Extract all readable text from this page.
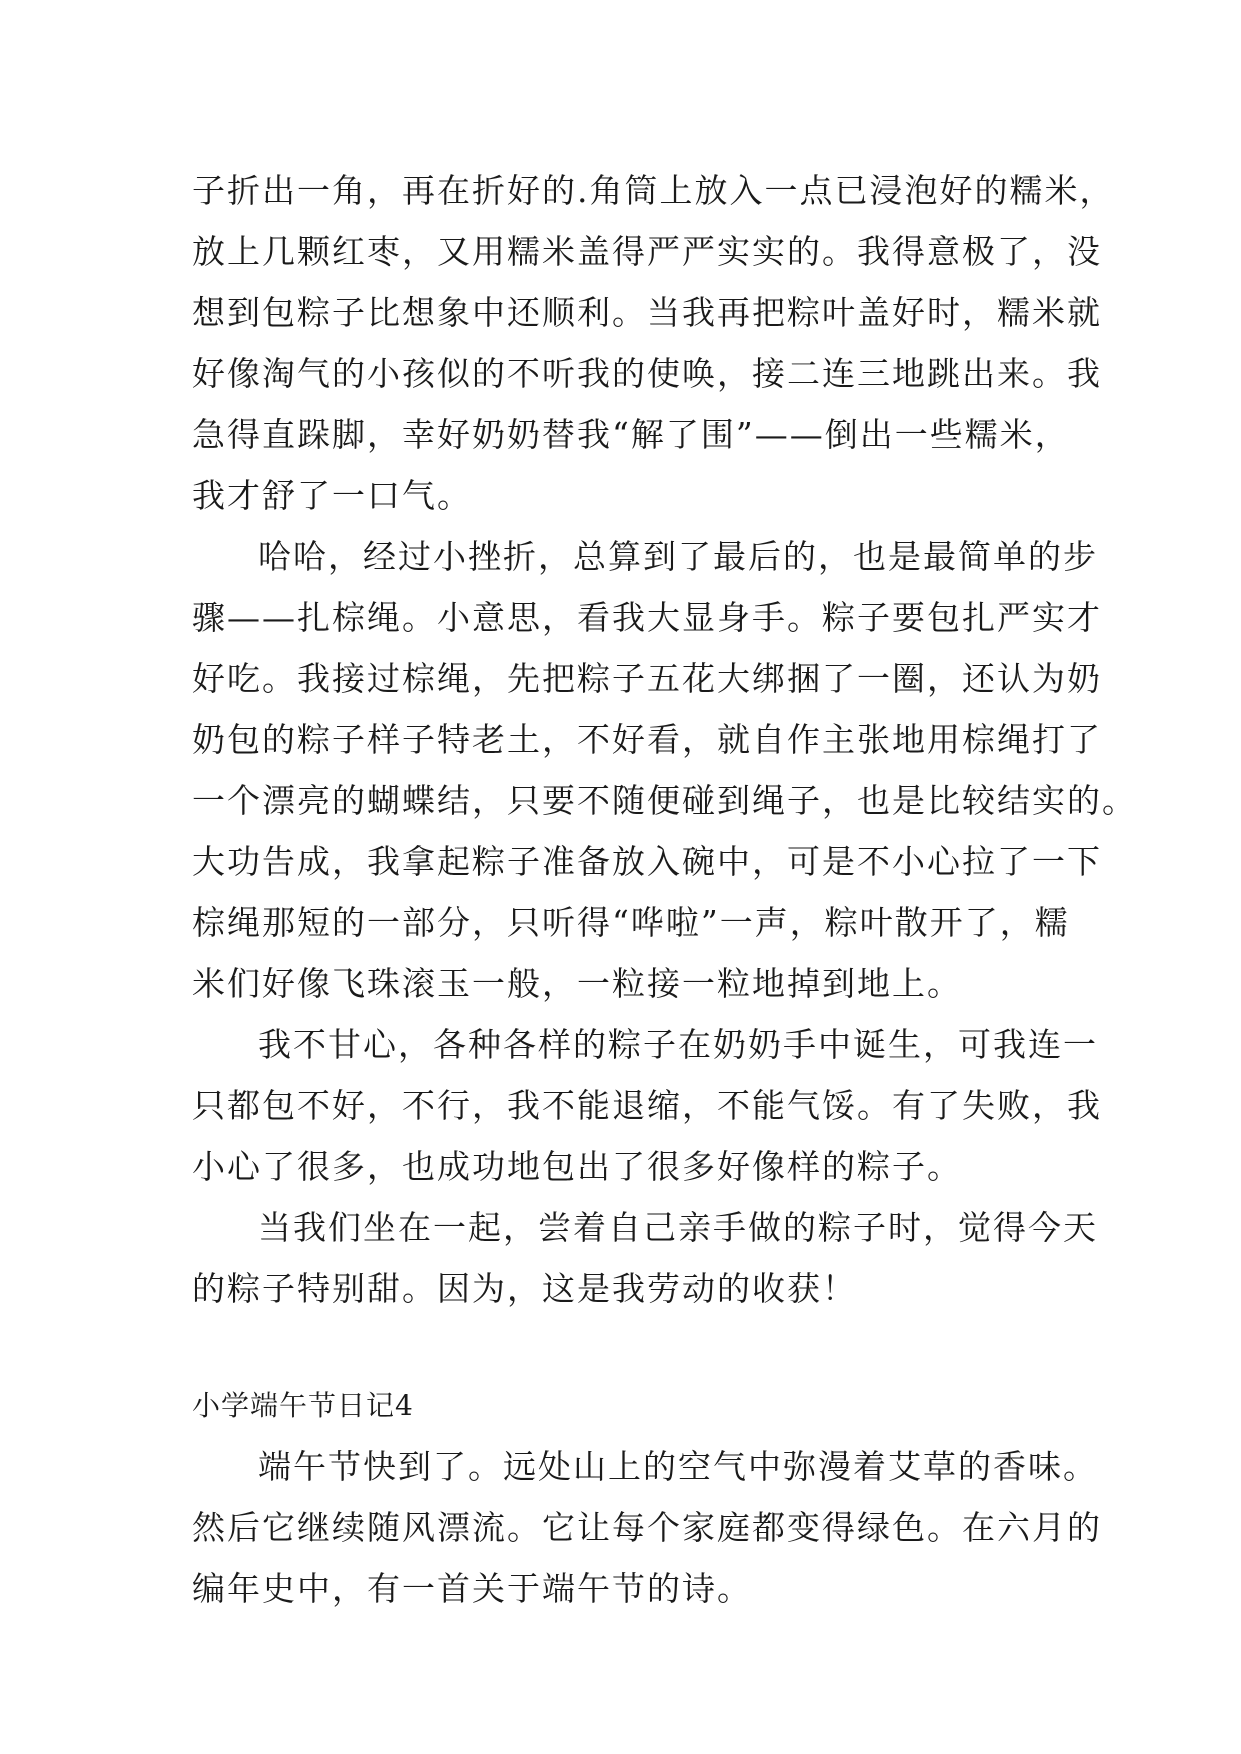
子折出一角，再在折好的.角筒上放入一点已浸泡好的糯米，
放上几颗红枣，又用糯米盖得严严实实的。我得意极了，没
想到包粽子比想象中还顺利。当我再把粽叶盖好时，糯米就
好像淘气的小孩似的不听我的使唤，接二连三地跳出来。我
急得直跺脚，幸好奶奶替我“解了围”——倒出一些糯米，
我才舒了一口气。
哈哈，经过小挫折，总算到了最后的，也是最简单的步
骤——扎棕绳。小意思，看我大显身手。粽子要包扎严实才
好吃。我接过棕绳，先把粽子五花大绑捆了一圈，还认为奶
奶包的粽子样子特老土，不好看，就自作主张地用棕绳打了
一个漂亮的蝴蝶结，只要不随便碰到绳子，也是比较结实的。
大功告成，我拿起粽子准备放入碗中，可是不小心拉了一下
棕绳那短的一部分，只听得“哗啦”一声，粽叶散开了，糯
米们好像飞珠滚玉一般，一粒接一粒地掉到地上。
我不甘心，各种各样的粽子在奶奶手中诞生，可我连一
只都包不好，不行，我不能退缩，不能气馁。有了失败，我
小心了很多，也成功地包出了很多好像样的粽子。
当我们坐在一起，尝着自己亲手做的粽子时，觉得今天
的粽子特别甜。因为，这是我劳动的收获！
小学端午节日记4
端午节快到了。远处山上的空气中弥漫着艾草的香味。
然后它继续随风漂流。它让每个家庭都变得绿色。在六月的
编年史中，有一首关于端午节的诗。
